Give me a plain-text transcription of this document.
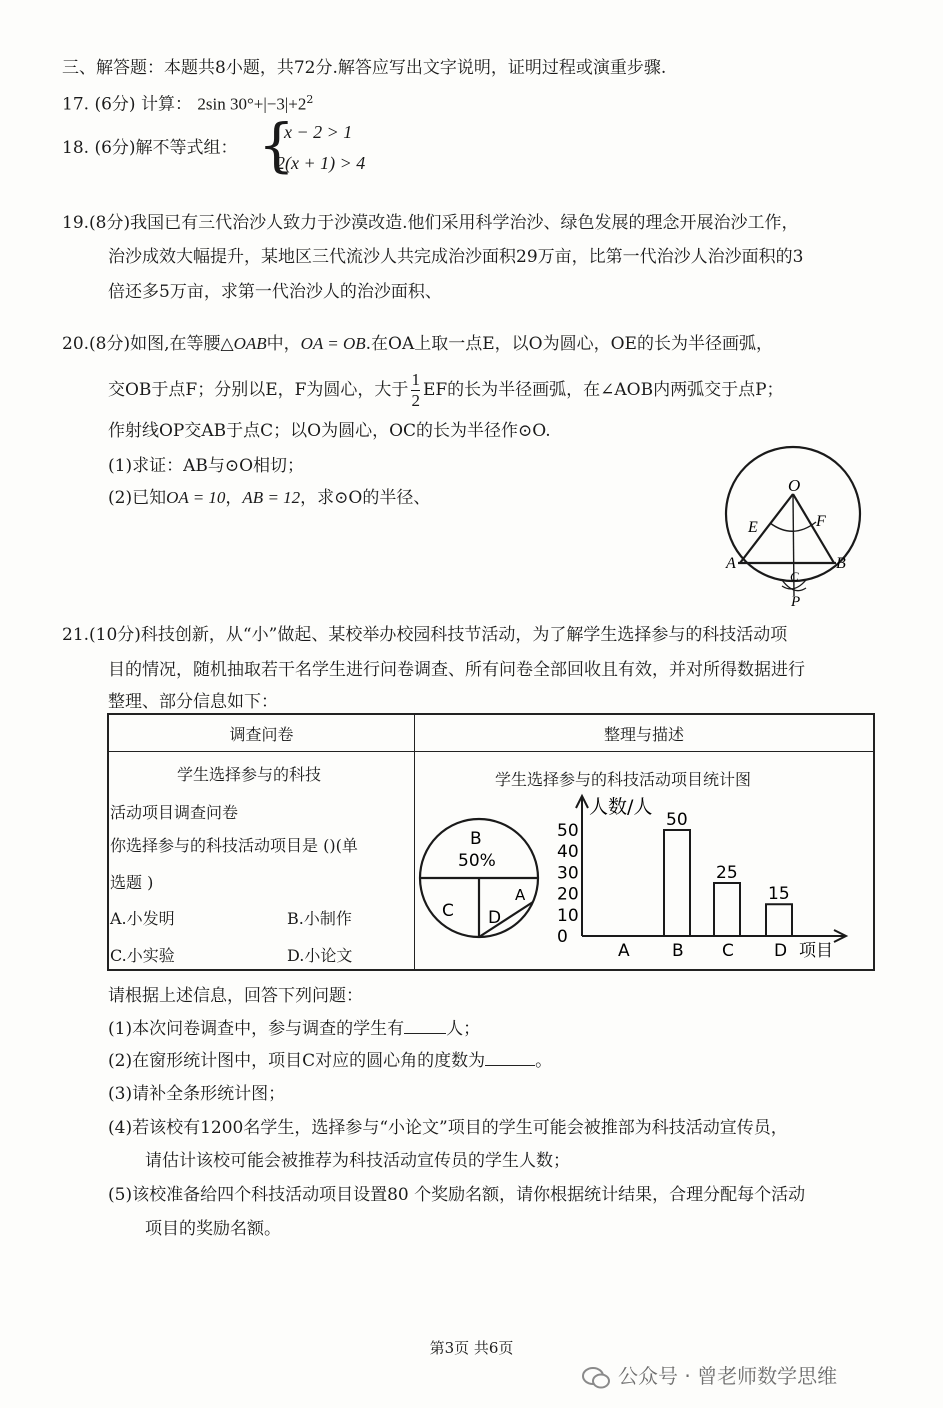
三、解答题：本题共8小题，共72分.解答应写出文字说明，证明过程或演重步骤.
17. (6分) 计算： 2sin $30^\circ+|-3|+2^2$
18. (6分)解不等式组： {
x − 2 > 1
2(x + 1) > 4
19.(8分)我国已有三代治沙人致力于沙漠改造.他们采用科学治沙、绿色发展的理念开展治沙工作，
治沙成效大幅提升，某地区三代流沙人共完成治沙面积29万亩，比第一代治沙人治沙面积的3
倍还多5万亩，求第一代治沙人的治沙面积、
20.(8分)如图,在等腰△OAB中，OA = OB.在OA上取一点E，以O为圆心，OE的长为半径画弧，
交OB于点F；分别以E，F为圆心，大于 $\frac{1}{2}$ EF的长为半径画弧，在∠AOB内两弧交于点P；
作射线OP交AB于点C；以O为圆心，OC的长为半径作⊙O.
(1)求证：AB与⊙O相切；
(2)已知OA = 10，AB = 12，求⊙O的半径、
O
E	F
A	B
C
P
21.(10分)科技创新，从“小”做起、某校举办校园科技节活动，为了解学生选择参与的科技活动项
目的情况，随机抽取若干名学生进行问卷调查、所有问卷全部回收且有效，并对所得数据进行
整理、部分信息如下：
调查问卷	整理与描述

学生选择参与的科技
活动项目调查问卷
你选择参与的科技活动项目是 ()(单
选题 )
A.小发明	B.小制作
C.小实验	D.小论文
学生选择参与的科技活动项目统计图
B
50%
C D
A
人数/人
项目
0
10
20
30
40
50
A B
50
C
25
D
15
请根据上述信息，回答下列问题：
(1)本次问卷调查中，参与调查的学生有 人；
(2)在窗形统计图中，项目C对应的圆心角的度数为	。
(3)请补全条形统计图；
(4)若该校有1200名学生，选择参与“小论文”项目的学生可能会被推部为科技活动宣传员，
请估计该校可能会被推荐为科技活动宣传员的学生人数；
(5)该校准备给四个科技活动项目设置80 个奖励名额，请你根据统计结果，合理分配每个活动
项目的奖励名额。
第3页 共6页
公众号 · 曾老师数学思维
